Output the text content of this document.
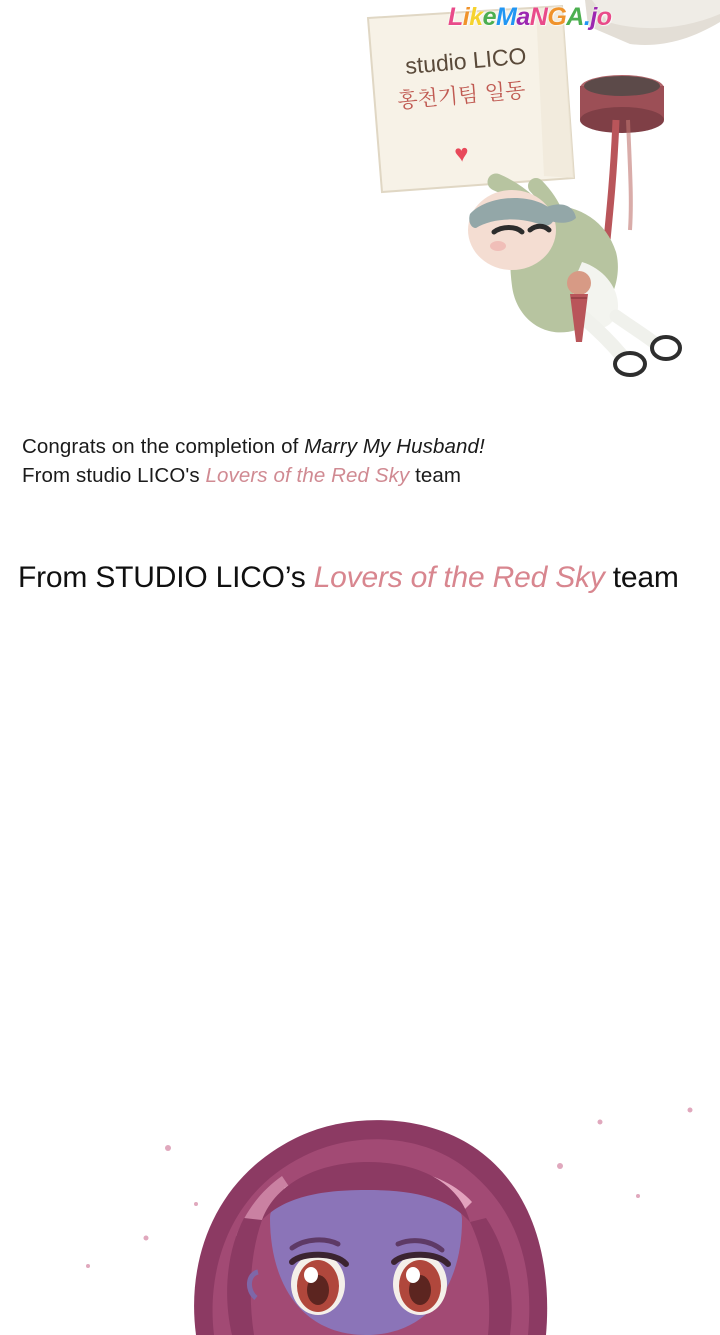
studio LICO
홍천기팀 일동
♥
LikeMaNGA.jo
Congrats on the completion of Marry My Husband!
From studio LICO's Lovers of the Red Sky team
From STUDIO LICO’s Lovers of the Red Sky team
